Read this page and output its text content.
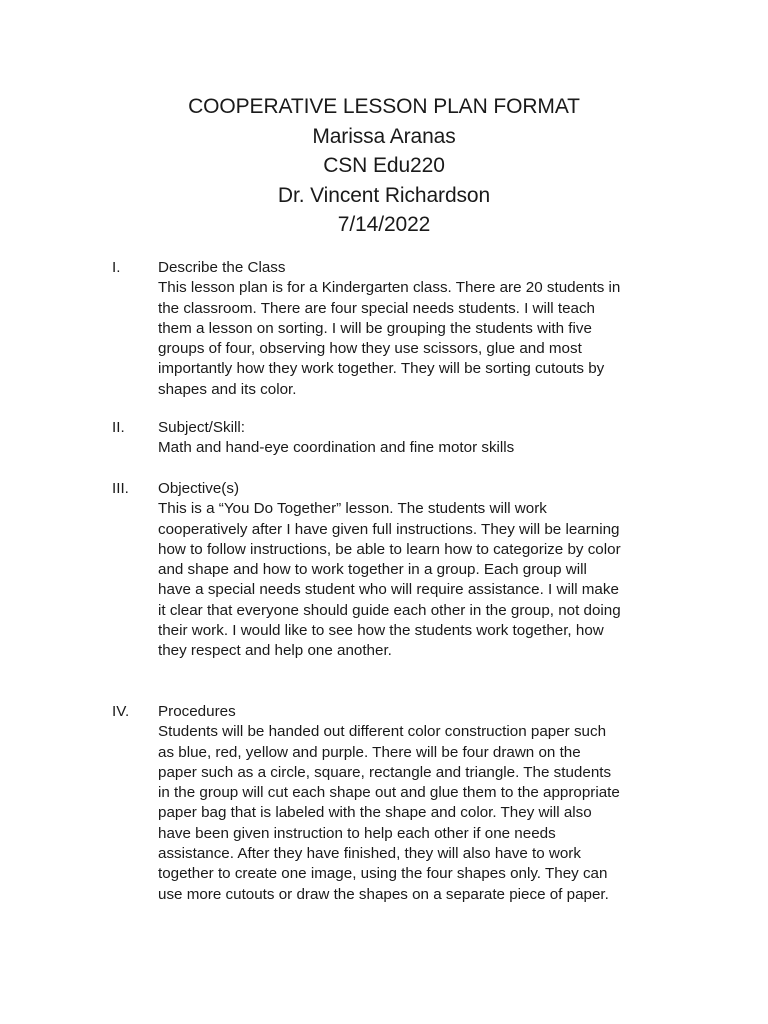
COOPERATIVE LESSON PLAN FORMAT
Marissa Aranas
CSN Edu220
Dr. Vincent Richardson
7/14/2022
I.	Describe the Class
This lesson plan is for a Kindergarten class. There are 20 students in
the classroom. There are four special needs students. I will teach
them a lesson on sorting. I will be grouping the students with five
groups of four, observing how they use scissors, glue and most
importantly how they work together. They will be sorting cutouts by
shapes and its color.
II.	Subject/Skill:
Math and hand-eye coordination and fine motor skills
III.	Objective(s)
This is a “You Do Together” lesson. The students will work
cooperatively after I have given full instructions. They will be learning
how to follow instructions, be able to learn how to categorize by color
and shape and how to work together in a group. Each group will
have a special needs student who will require assistance. I will make
it clear that everyone should guide each other in the group, not doing
their work. I would like to see how the students work together, how
they respect and help one another.
IV.	Procedures
Students will be handed out different color construction paper such
as blue, red, yellow and purple. There will be four drawn on the
paper such as a circle, square, rectangle and triangle. The students
in the group will cut each shape out and glue them to the appropriate
paper bag that is labeled with the shape and color. They will also
have been given instruction to help each other if one needs
assistance. After they have finished, they will also have to work
together to create one image, using the four shapes only. They can
use more cutouts or draw the shapes on a separate piece of paper.
